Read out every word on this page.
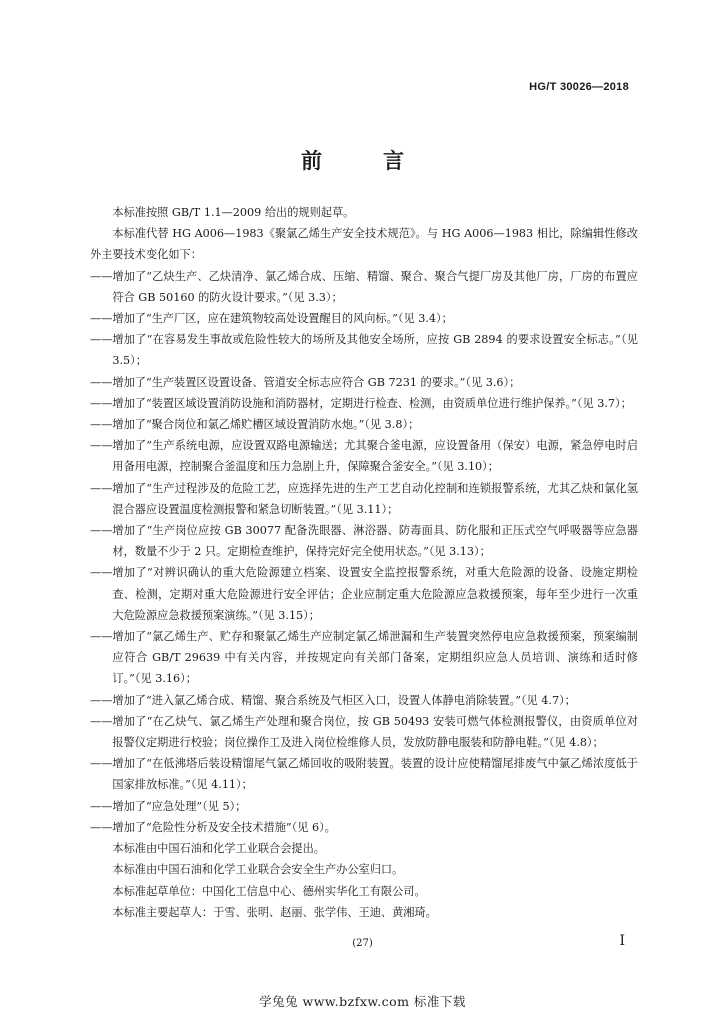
HG/T 30026—2018
前　言

本标准按照 GB/T 1.1—2009 给出的规则起草。

本标准代替 HG A006—1983《聚氯乙烯生产安全技术规范》。与 HG A006—1983 相比，除编辑性修改外主要技术变化如下：

—— 增加了“乙炔生产、乙炔清净、氯乙烯合成、压缩、精馏、聚合、聚合气提厂房及其他厂房，厂房的布置应符合 GB 50160 的防火设计要求。”（见 3.3）；
—— 增加了“生产厂区，应在建筑物较高处设置醒目的风向标。”（见 3.4）；
—— 增加了“在容易发生事故或危险性较大的场所及其他安全场所，应按 GB 2894 的要求设置安全标志。”（见 3.5）；
—— 增加了“生产装置区设置设备、管道安全标志应符合 GB 7231 的要求。”（见 3.6）；
—— 增加了“装置区域设置消防设施和消防器材，定期进行检查、检测，由资质单位进行维护保养。”（见 3.7）；
—— 增加了“聚合岗位和氯乙烯贮槽区域设置消防水炮。”（见 3.8）；
—— 增加了“生产系统电源，应设置双路电源输送；尤其聚合釜电源，应设置备用（保安）电源，紧急停电时启用备用电源，控制聚合釜温度和压力急剧上升，保障聚合釜安全。”（见 3.10）；
—— 增加了“生产过程涉及的危险工艺，应选择先进的生产工艺自动化控制和连锁报警系统，尤其乙炔和氯化氢混合器应设置温度检测报警和紧急切断装置。”（见 3.11）；
—— 增加了“生产岗位应按 GB 30077 配备洗眼器、淋浴器、防毒面具、防化服和正压式空气呼吸器等应急器材，数量不少于 2 只。定期检查维护，保持完好完全使用状态。”（见 3.13）；
—— 增加了“对辨识确认的重大危险源建立档案、设置安全监控报警系统，对重大危险源的设备、设施定期检查、检测，定期对重大危险源进行安全评估；企业应制定重大危险源应急救援预案，每年至少进行一次重大危险源应急救援预案演练。”（见 3.15）；
—— 增加了“氯乙烯生产、贮存和聚氯乙烯生产应制定氯乙烯泄漏和生产装置突然停电应急救援预案，预案编制应符合 GB/T 29639 中有关内容，并按规定向有关部门备案，定期组织应急人员培训、演练和适时修订。”（见 3.16）；
—— 增加了“进入氯乙烯合成、精馏、聚合系统及气柜区入口，设置人体静电消除装置。”（见 4.7）；
—— 增加了“在乙炔气、氯乙烯生产处理和聚合岗位，按 GB 50493 安装可燃气体检测报警仪，由资质单位对报警仪定期进行校验；岗位操作工及进入岗位检维修人员，发放防静电服装和防静电鞋。”（见 4.8）；
—— 增加了“在低沸塔后装设精馏尾气氯乙烯回收的吸附装置。装置的设计应使精馏尾排废气中氯乙烯浓度低于国家排放标准。”（见 4.11）；
—— 增加了“应急处理”（见 5）；
—— 增加了“危险性分析及安全技术措施”（见 6）。

本标准由中国石油和化学工业联合会提出。

本标准由中国石油和化学工业联合会安全生产办公室归口。

本标准起草单位：中国化工信息中心、德州实华化工有限公司。

本标准主要起草人：于雪、张明、赵丽、张学伟、王迪、黄湘琦。

(27)	Ⅰ
学兔兔 www.bzfxw.com 标准下载
